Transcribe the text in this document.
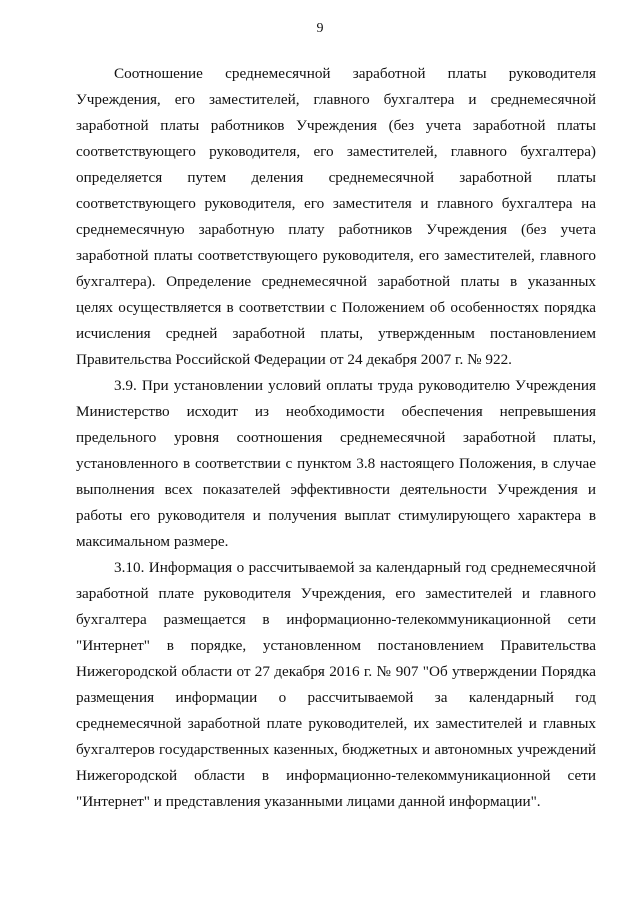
9

Соотношение среднемесячной заработной платы руководителя Учреждения, его заместителей, главного бухгалтера и среднемесячной заработной платы работников Учреждения (без учета заработной платы соответствующего руководителя, его заместителей, главного бухгалтера) определяется путем деления среднемесячной заработной платы соответствующего руководителя, его заместителя и главного бухгалтера на среднемесячную заработную плату работников Учреждения (без учета заработной платы соответствующего руководителя, его заместителей, главного бухгалтера). Определение среднемесячной заработной платы в указанных целях осуществляется в соответствии с Положением об особенностях порядка исчисления средней заработной платы, утвержденным постановлением Правительства Российской Федерации от 24 декабря 2007 г. № 922.

3.9. При установлении условий оплаты труда руководителю Учреждения Министерство исходит из необходимости обеспечения непревышения предельного уровня соотношения среднемесячной заработной платы, установленного в соответствии с пунктом 3.8 настоящего Положения, в случае выполнения всех показателей эффективности деятельности Учреждения и работы его руководителя и получения выплат стимулирующего характера в максимальном размере.

3.10. Информация о рассчитываемой за календарный год среднемесячной заработной плате руководителя Учреждения, его заместителей и главного бухгалтера размещается в информационно-телекоммуникационной сети "Интернет" в порядке, установленном постановлением Правительства Нижегородской области от 27 декабря 2016 г. № 907 "Об утверждении Порядка размещения информации о рассчитываемой за календарный год среднемесячной заработной плате руководителей, их заместителей и главных бухгалтеров государственных казенных, бюджетных и автономных учреждений Нижегородской области в информационно-телекоммуникационной сети "Интернет" и представления указанными лицами данной информации".
